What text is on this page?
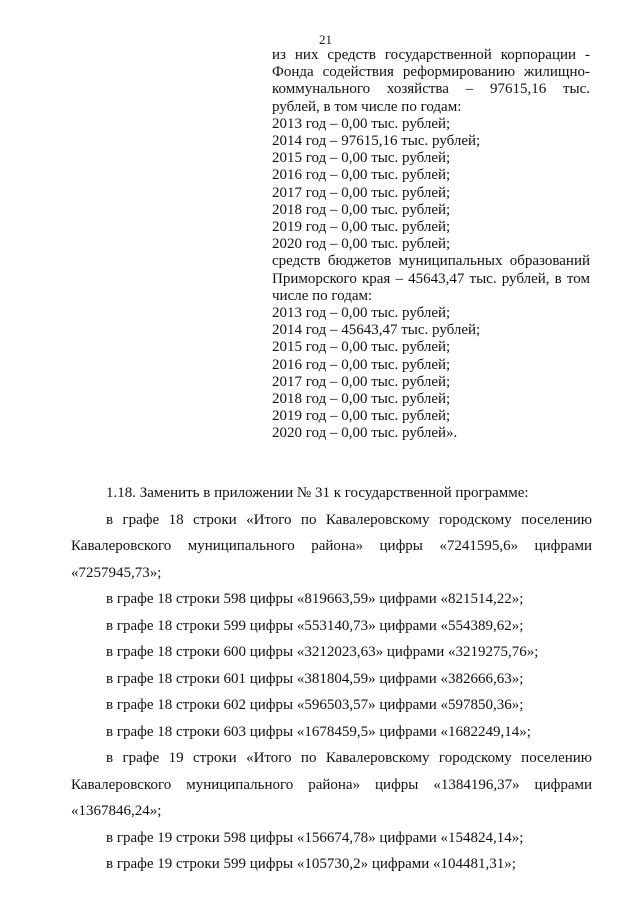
21
из них средств государственной корпорации -
Фонда содействия реформированию жилищно-
коммунального хозяйства – 97615,16 тыс.
рублей, в том числе по годам:
2013 год – 0,00 тыс. рублей;
2014 год – 97615,16 тыс. рублей;
2015 год – 0,00 тыс. рублей;
2016 год – 0,00 тыс. рублей;
2017 год – 0,00 тыс. рублей;
2018 год – 0,00 тыс. рублей;
2019 год – 0,00 тыс. рублей;
2020 год – 0,00 тыс. рублей;
средств бюджетов муниципальных образований
Приморского края – 45643,47 тыс. рублей, в том
числе по годам:
2013 год – 0,00 тыс. рублей;
2014 год – 45643,47 тыс. рублей;
2015 год – 0,00 тыс. рублей;
2016 год – 0,00 тыс. рублей;
2017 год – 0,00 тыс. рублей;
2018 год – 0,00 тыс. рублей;
2019 год – 0,00 тыс. рублей;
2020 год – 0,00 тыс. рублей».
1.18. Заменить в приложении № 31 к государственной программе:
в графе 18 строки «Итого по Кавалеровскому городскому поселению
Кавалеровского муниципального района» цифры «7241595,6» цифрами
«7257945,73»;
в графе 18 строки 598 цифры «819663,59» цифрами «821514,22»;
в графе 18 строки 599 цифры «553140,73» цифрами «554389,62»;
в графе 18 строки 600 цифры «3212023,63» цифрами «3219275,76»;
в графе 18 строки 601 цифры «381804,59» цифрами «382666,63»;
в графе 18 строки 602 цифры «596503,57» цифрами «597850,36»;
в графе 18 строки 603 цифры «1678459,5» цифрами «1682249,14»;
в графе 19 строки «Итого по Кавалеровскому городскому поселению
Кавалеровского муниципального района» цифры «1384196,37» цифрами
«1367846,24»;
в графе 19 строки 598 цифры «156674,78» цифрами «154824,14»;
в графе 19 строки 599 цифры «105730,2» цифрами «104481,31»;
